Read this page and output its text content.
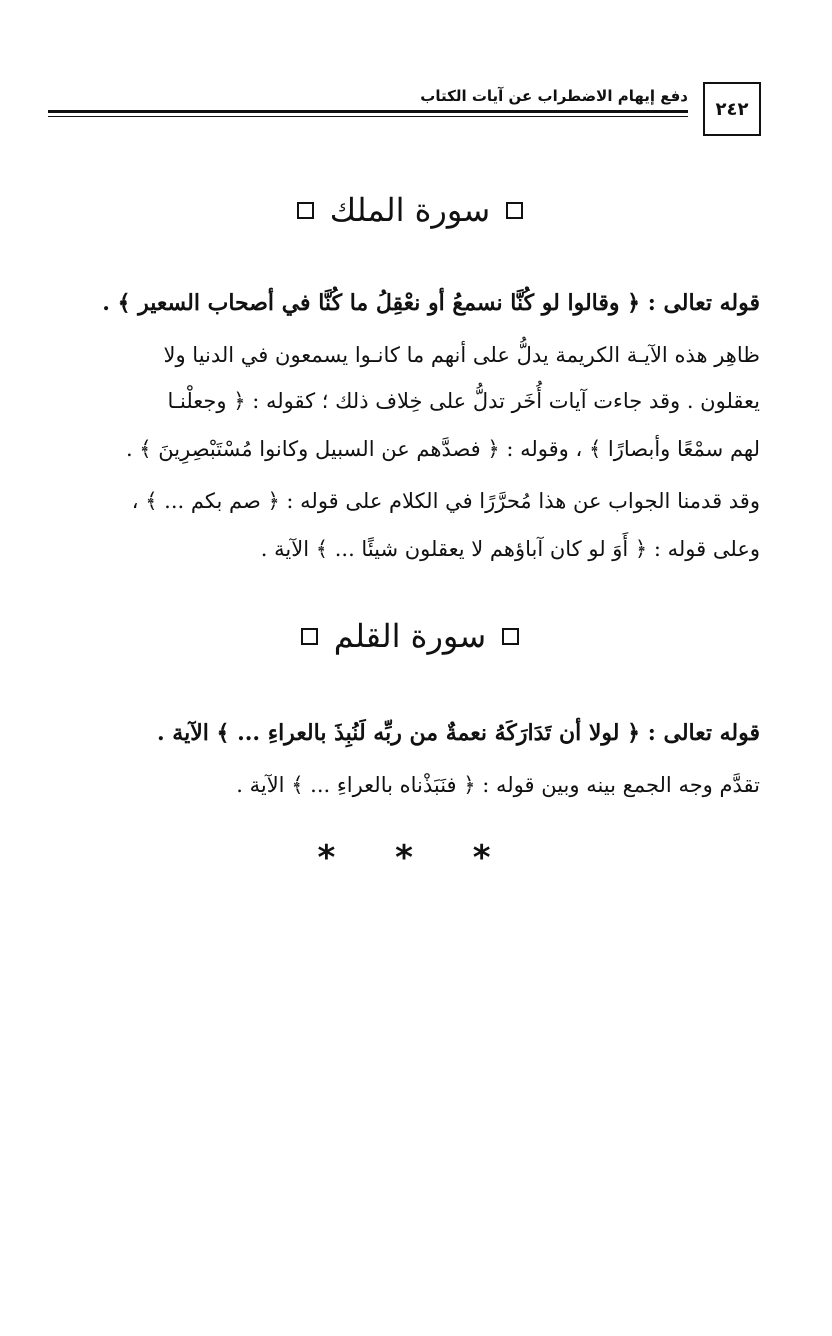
دفع إيهام الاضطراب عن آيات الكتاب
٢٤٢
سورة الملك
قوله تعالى : ﴿ وقالوا لو كُنَّا نسمعُ أو نعْقِلُ ما كُنَّا في أصحاب السعير ﴾ .
ظاهِر هذه الآيـة الكريمة يدلُّ على أنهم ما كانـوا يسمعون في الدنيا ولا
يعقلون . وقد جاءت آيات أُخَر تدلُّ على خِلاف ذلك ؛ كقوله : ﴿ وجعلْنـا
لهم سمْعًا وأبصارًا ﴾ ، وقوله : ﴿ فصدَّهم عن السبيل وكانوا مُسْتَبْصِرِينَ ﴾ .
وقد قدمنا الجواب عن هذا مُحرَّرًا في الكلام على قوله : ﴿ صم بكم ... ﴾ ،
وعلى قوله : ﴿ أَوَ لو كان آباؤهم لا يعقلون شيئًا ... ﴾ الآية .
سورة القلم
قوله تعالى : ﴿ لولا أن تَدَارَكَهُ نعمةٌ من ربِّه لَنُبِذَ بالعراءِ ... ﴾ الآية .
تقدَّم وجه الجمع بينه وبين قوله : ﴿ فنَبَذْناه بالعراءِ ... ﴾ الآية .
* * *
